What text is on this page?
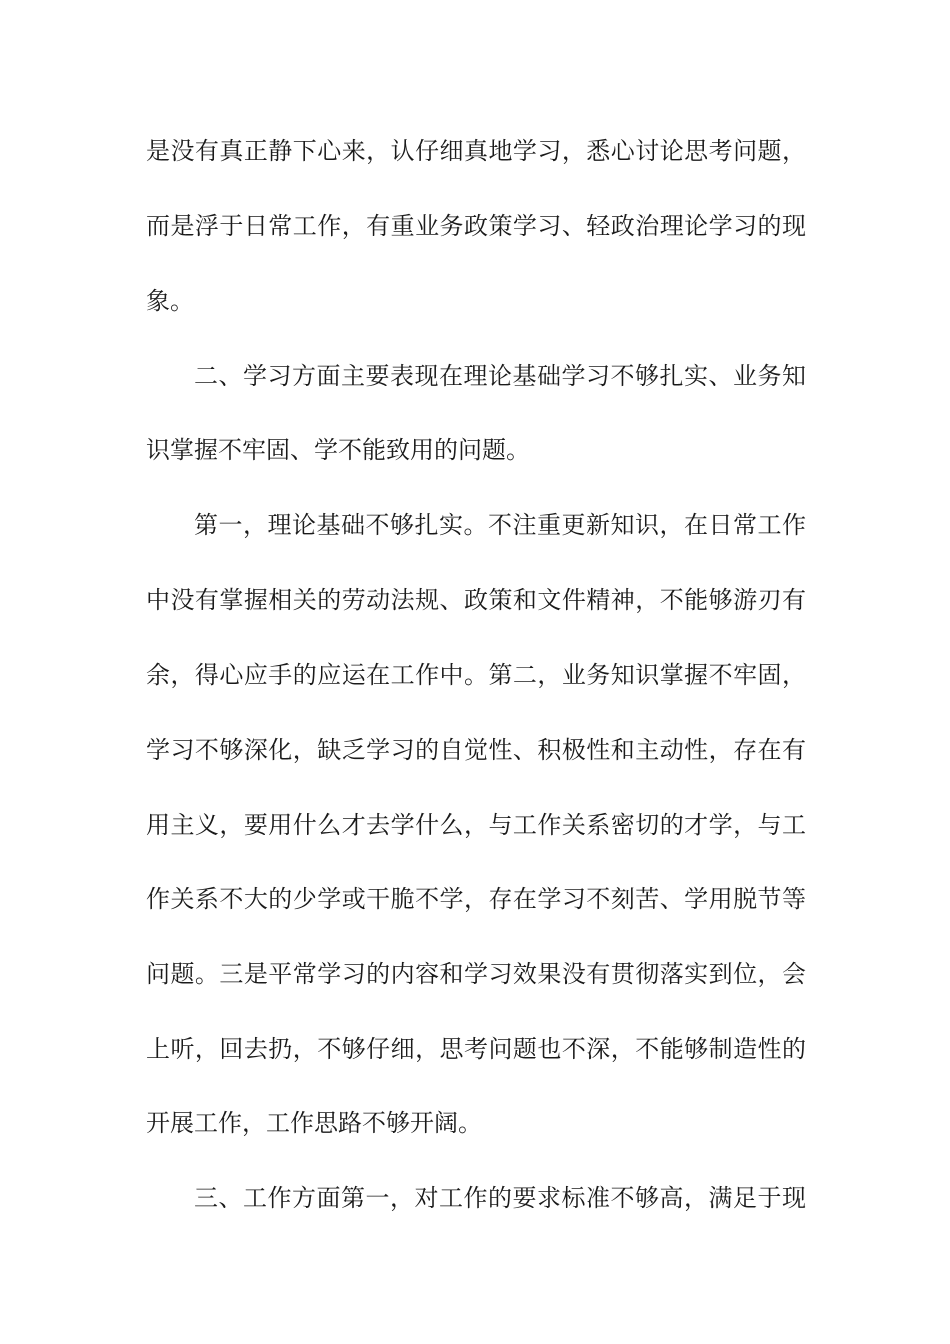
是没有真正静下心来，认仔细真地学习，悉心讨论思考问题，
而是浮于日常工作，有重业务政策学习、轻政治理论学习的现
象。
二、学习方面主要表现在理论基础学习不够扎实、业务知
识掌握不牢固、学不能致用的问题。
第一，理论基础不够扎实。不注重更新知识，在日常工作
中没有掌握相关的劳动法规、政策和文件精神，不能够游刃有
余，得心应手的应运在工作中。第二，业务知识掌握不牢固，
学习不够深化，缺乏学习的自觉性、积极性和主动性，存在有
用主义，要用什么才去学什么，与工作关系密切的才学，与工
作关系不大的少学或干脆不学，存在学习不刻苦、学用脱节等
问题。三是平常学习的内容和学习效果没有贯彻落实到位，会
上听，回去扔，不够仔细，思考问题也不深，不能够制造性的
开展工作，工作思路不够开阔。
三、工作方面第一，对工作的要求标准不够高，满足于现
